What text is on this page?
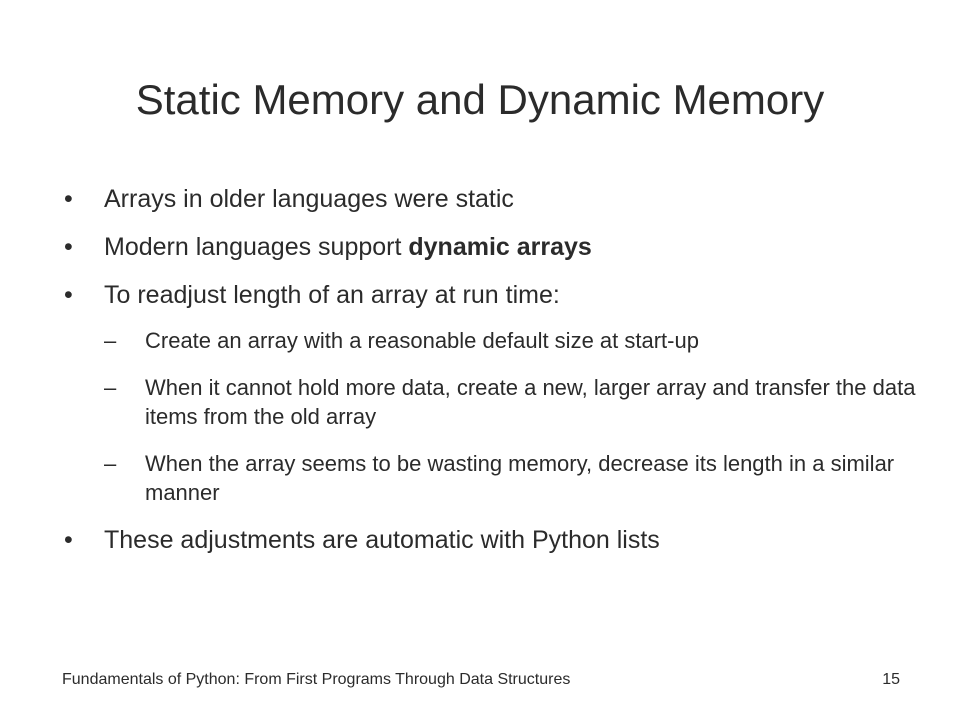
Static Memory and Dynamic Memory
• Arrays in older languages were static
• Modern languages support dynamic arrays
• To readjust length of an array at run time:
– Create an array with a reasonable default size at start-up
– When it cannot hold more data, create a new, larger array and transfer the data items from the old array
– When the array seems to be wasting memory, decrease its length in a similar manner
• These adjustments are automatic with Python lists
Fundamentals of Python: From First Programs Through Data Structures	15
